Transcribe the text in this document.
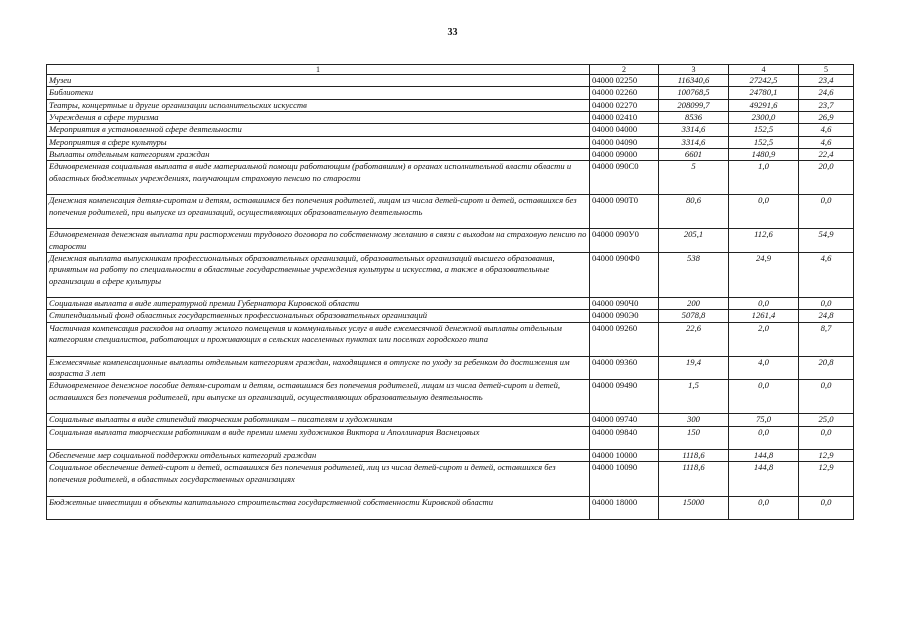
33
1	2	3	4	5
Музеи	04000 02250	116340,6	27242,5	23,4
Библиотеки	04000 02260	100768,5	24780,1	24,6
Театры, концертные и другие организации исполнительских искусств	04000 02270	208099,7	49291,6	23,7
Учреждения в сфере туризма	04000 02410	8536	2300,0	26,9
Мероприятия в установленной сфере деятельности	04000 04000	3314,6	152,5	4,6
Мероприятия в сфере культуры	04000 04090	3314,6	152,5	4,6
Выплаты отдельным категориям граждан	04000 09000	6601	1480,9	22,4
Единовременная социальная выплата в виде материальной помощи работающим (работавшим) в органах исполнительной власти области и областных бюджетных учреждениях, получающим страховую пенсию по старости	04000 090С0	5	1,0	20,0
Денежная компенсация детям-сиротам и детям, оставшимся без попечения родителей, лицам из числа детей-сирот и детей, оставшихся без попечения родителей, при выпуске из организаций, осуществляющих образовательную деятельность	04000 090Т0	80,6	0,0	0,0
Единовременная денежная выплата при расторжении трудового договора по собственному желанию в связи с выходом на страховую пенсию по старости	04000 090У0	205,1	112,6	54,9
Денежная выплата выпускникам профессиональных образовательных организаций, образовательных организаций высшего образования, принятым на работу по специальности в областные государственные учреждения культуры и искусства, а также в образовательные организации в сфере культуры	04000 090Ф0	538	24,9	4,6
Социальная выплата в виде литературной премии Губернатора Кировской области	04000 090Ч0	200	0,0	0,0
Стипендиальный фонд областных государственных профессиональных образовательных организаций	04000 090Э0	5078,8	1261,4	24,8
Частичная компенсация расходов на оплату жилого помещения и коммунальных услуг в виде ежемесячной денежной выплаты отдельным категориям специалистов, работающих и проживающих в сельских населенных пунктах или поселках городского типа	04000 09260	22,6	2,0	8,7
Ежемесячные компенсационные выплаты отдельным категориям граждан, находящимся в отпуске по уходу за ребенком до достижения им возраста 3 лет	04000 09360	19,4	4,0	20,8
Единовременное денежное пособие детям-сиротам и детям, оставшимся без попечения родителей, лицам из числа детей-сирот и детей, оставшихся без попечения родителей, при выпуске из организаций, осуществляющих образовательную деятельность	04000 09490	1,5	0,0	0,0
Социальные выплаты в виде стипендий творческим работникам – писателям и художникам	04000 09740	300	75,0	25,0
Социальная выплата творческим работникам в виде премии имени художников Виктора и Аполлинария Васнецовых	04000 09840	150	0,0	0,0
Обеспечение мер социальной поддержки отдельных категорий граждан	04000 10000	1118,6	144,8	12,9
Социальное обеспечение детей-сирот и детей, оставшихся без попечения родителей, лиц из числа детей-сирот и детей, оставшихся без попечения родителей, в областных государственных организациях	04000 10090	1118,6	144,8	12,9
Бюджетные инвестиции в объекты капитального строительства государственной собственности Кировской области	04000 18000	15000	0,0	0,0
